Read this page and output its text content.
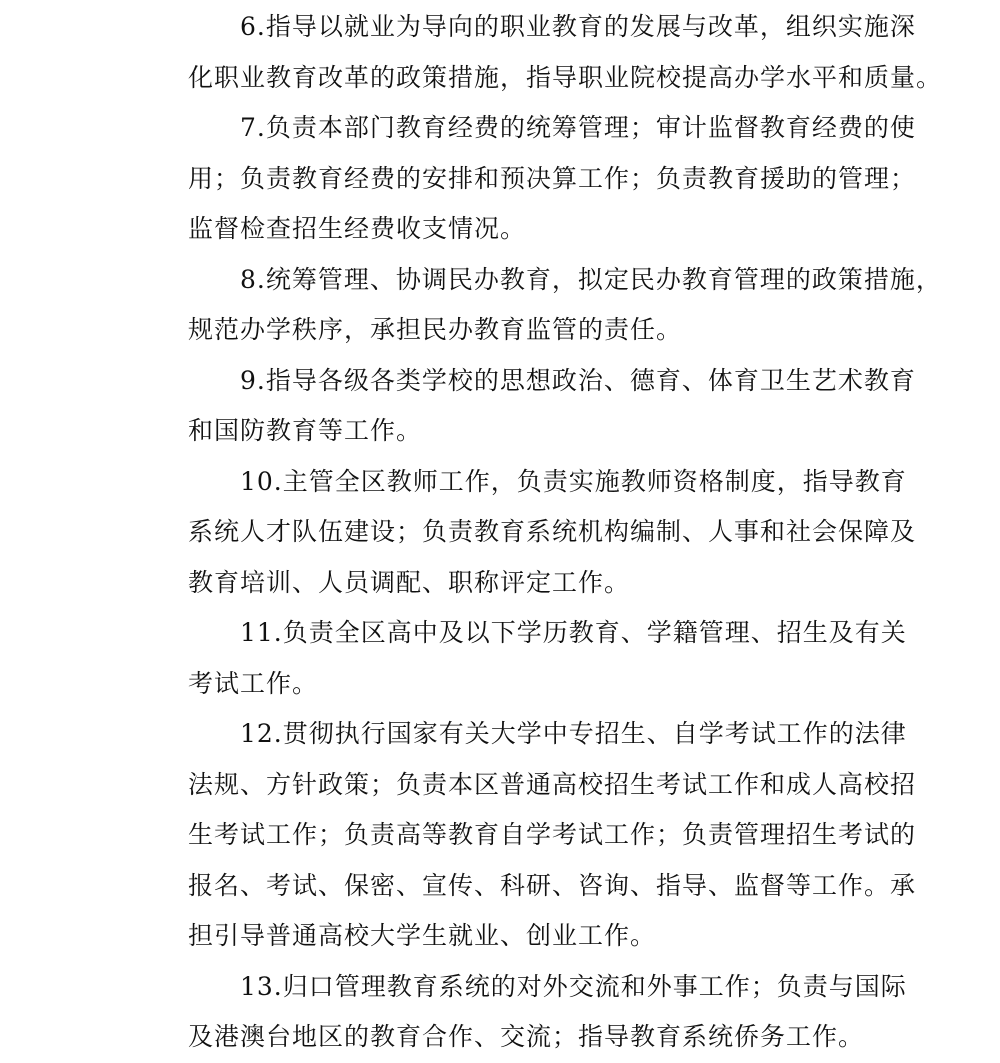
6.指导以就业为导向的职业教育的发展与改革，组织实施深
化职业教育改革的政策措施，指导职业院校提高办学水平和质量。
7.负责本部门教育经费的统筹管理；审计监督教育经费的使
用；负责教育经费的安排和预决算工作；负责教育援助的管理；
监督检查招生经费收支情况。
8.统筹管理、协调民办教育，拟定民办教育管理的政策措施，
规范办学秩序，承担民办教育监管的责任。
9.指导各级各类学校的思想政治、德育、体育卫生艺术教育
和国防教育等工作。
10.主管全区教师工作，负责实施教师资格制度，指导教育
系统人才队伍建设；负责教育系统机构编制、人事和社会保障及
教育培训、人员调配、职称评定工作。
11.负责全区高中及以下学历教育、学籍管理、招生及有关
考试工作。
12.贯彻执行国家有关大学中专招生、自学考试工作的法律
法规、方针政策；负责本区普通高校招生考试工作和成人高校招
生考试工作；负责高等教育自学考试工作；负责管理招生考试的
报名、考试、保密、宣传、科研、咨询、指导、监督等工作。承
担引导普通高校大学生就业、创业工作。
13.归口管理教育系统的对外交流和外事工作；负责与国际
及港澳台地区的教育合作、交流；指导教育系统侨务工作。
